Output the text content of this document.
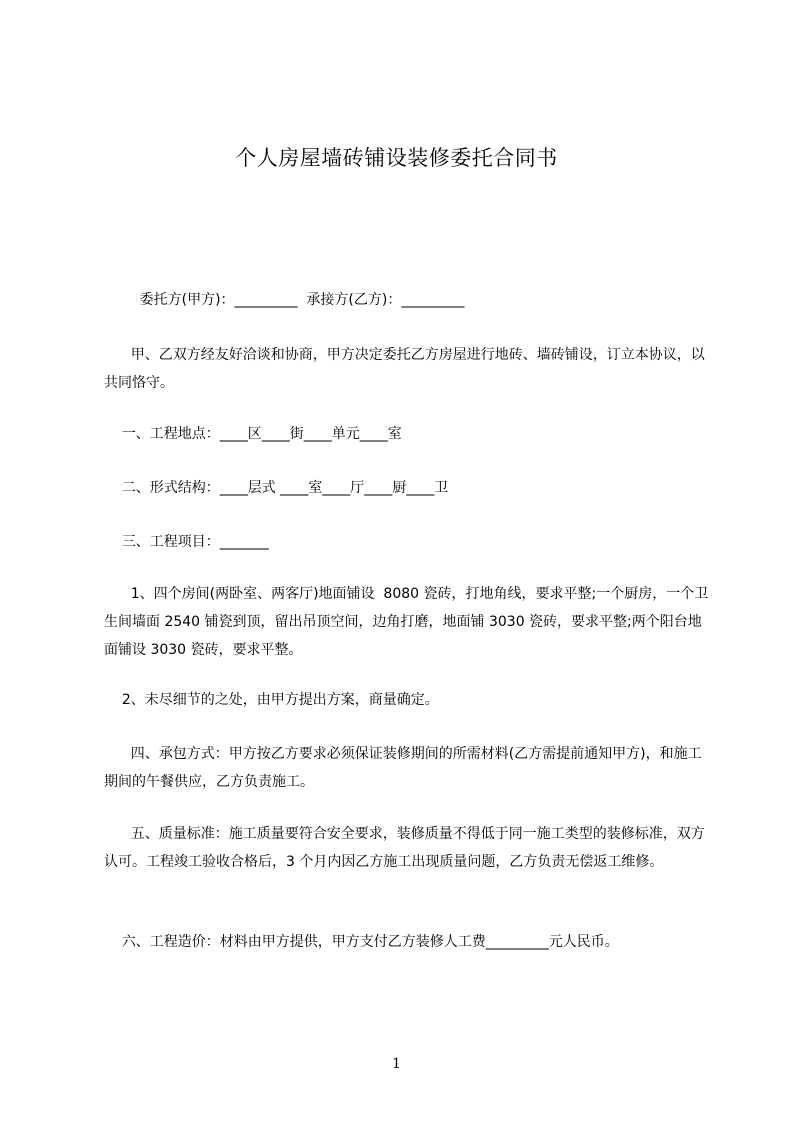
个人房屋墙砖铺设装修委托合同书
委托方(甲方)：_________  承接方(乙方)：_________
甲、乙双方经友好洽谈和协商，甲方决定委托乙方房屋进行地砖、墙砖铺设，订立本协议，以共同恪守。
一、工程地点：____区____街____单元____室
二、形式结构：____层式 ____室____厅____厨____卫
三、工程项目：_______
1、四个房间(两卧室、两客厅)地面铺设  8080 瓷砖，打地角线，要求平整;一个厨房，一个卫生间墙面 2540 铺瓷到顶，留出吊顶空间，边角打磨，地面铺 3030 瓷砖，要求平整;两个阳台地面铺设 3030 瓷砖，要求平整。
2、未尽细节的之处，由甲方提出方案，商量确定。
四、承包方式：甲方按乙方要求必须保证装修期间的所需材料(乙方需提前通知甲方)，和施工期间的午餐供应，乙方负责施工。
五、质量标准：施工质量要符合安全要求，装修质量不得低于同一施工类型的装修标准，双方认可。工程竣工验收合格后，3 个月内因乙方施工出现质量问题，乙方负责无偿返工维修。
六、工程造价：材料由甲方提供，甲方支付乙方装修人工费_________元人民币。
1
